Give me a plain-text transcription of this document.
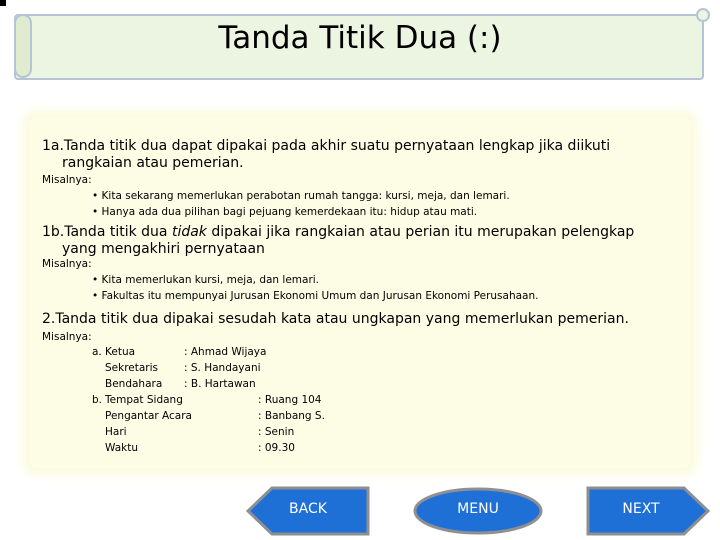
Tanda Titik Dua (:)
1a.Tanda titik dua dapat dipakai pada akhir suatu pernyataan lengkap jika diikuti
rangkaian atau pemerian.
Misalnya:
• Kita sekarang memerlukan perabotan rumah tangga: kursi, meja, dan lemari.
• Hanya ada dua pilihan bagi pejuang kemerdekaan itu: hidup atau mati.
1b.Tanda titik dua tidak dipakai jika rangkaian atau perian itu merupakan pelengkap
yang mengakhiri pernyataan
Misalnya:
• Kita memerlukan kursi, meja, dan lemari.
• Fakultas itu mempunyai Jurusan Ekonomi Umum dan Jurusan Ekonomi Perusahaan.
2.Tanda titik dua dipakai sesudah kata atau ungkapan yang memerlukan pemerian.
Misalnya:
a. Ketua	: Ahmad Wijaya
Sekretaris : S. Handayani
Bendahara : B. Hartawan
b. Tempat Sidang	: Ruang 104
Pengantar Acara	: Banbang S.
Hari	: Senin
Waktu	: 09.30
BACK	MENU	NEXT
